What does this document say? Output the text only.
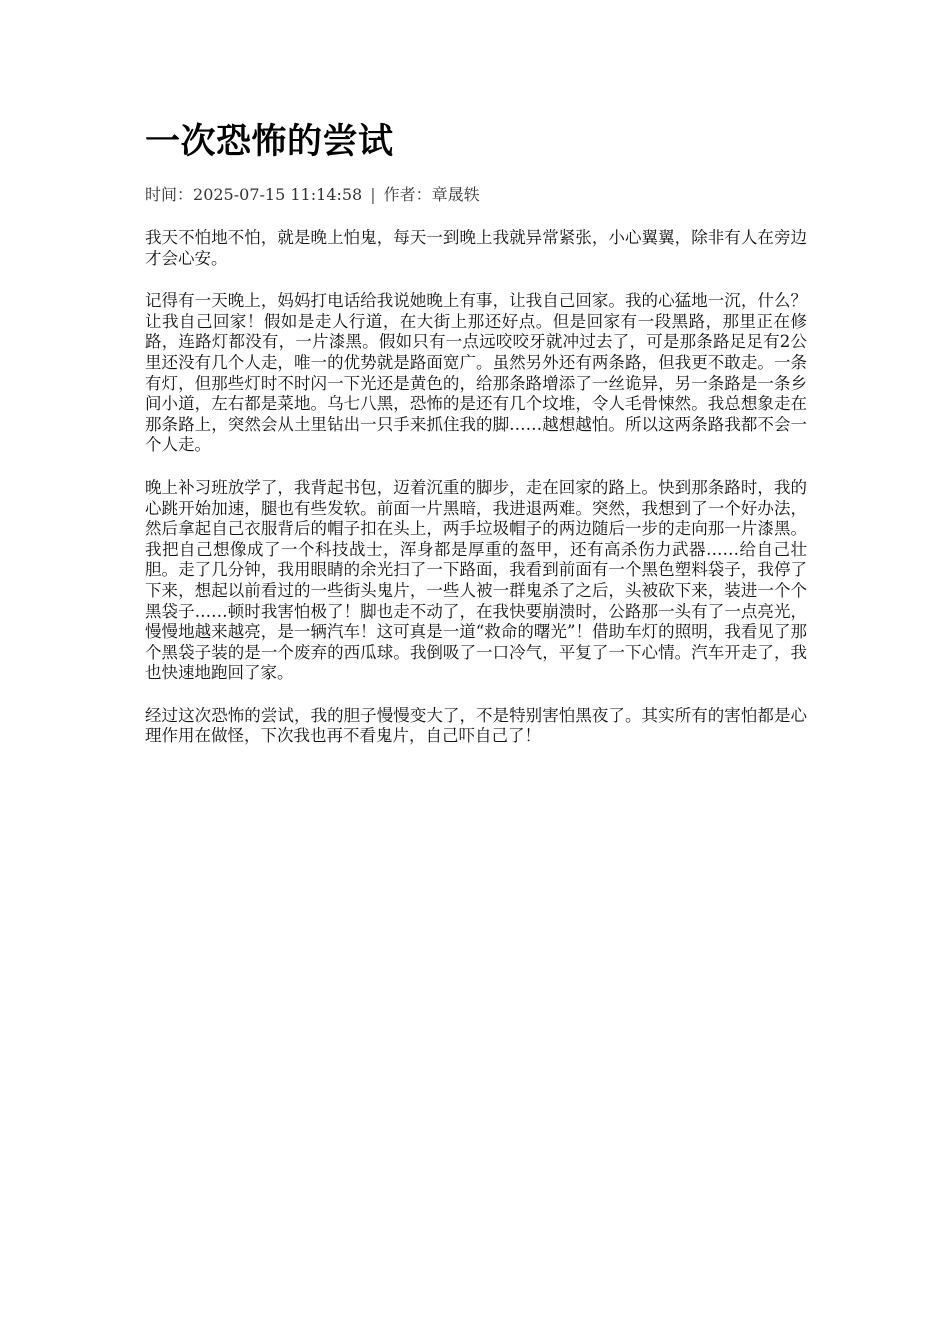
一次恐怖的尝试
时间：2025-07-15 11:14:58 | 作者：章晟轶

我天不怕地不怕，就是晚上怕鬼，每天一到晚上我就异常紧张，小心翼翼，除非有人在旁边才会心安。

记得有一天晚上，妈妈打电话给我说她晚上有事，让我自己回家。我的心猛地一沉，什么？让我自己回家！假如是走人行道，在大街上那还好点。但是回家有一段黑路，那里正在修路，连路灯都没有，一片漆黑。假如只有一点远咬咬牙就冲过去了，可是那条路足足有2公里还没有几个人走，唯一的优势就是路面宽广。虽然另外还有两条路，但我更不敢走。一条有灯，但那些灯时不时闪一下光还是黄色的，给那条路增添了一丝诡异，另一条路是一条乡间小道，左右都是菜地。乌七八黑，恐怖的是还有几个坟堆，令人毛骨悚然。我总想象走在那条路上，突然会从土里钻出一只手来抓住我的脚……越想越怕。所以这两条路我都不会一个人走。

晚上补习班放学了，我背起书包，迈着沉重的脚步，走在回家的路上。快到那条路时，我的心跳开始加速，腿也有些发软。前面一片黑暗，我进退两难。突然，我想到了一个好办法，然后拿起自己衣服背后的帽子扣在头上，两手垃圾帽子的两边随后一步的走向那一片漆黑。我把自己想像成了一个科技战士，浑身都是厚重的盔甲，还有高杀伤力武器……给自己壮胆。走了几分钟，我用眼睛的余光扫了一下路面，我看到前面有一个黑色塑料袋子，我停了下来，想起以前看过的一些街头鬼片，一些人被一群鬼杀了之后，头被砍下来，装进一个个黑袋子……顿时我害怕极了！脚也走不动了，在我快要崩溃时，公路那一头有了一点亮光，慢慢地越来越亮，是一辆汽车！这可真是一道“救命的曙光”！借助车灯的照明，我看见了那个黑袋子装的是一个废弃的西瓜球。我倒吸了一口冷气，平复了一下心情。汽车开走了，我也快速地跑回了家。

经过这次恐怖的尝试，我的胆子慢慢变大了，不是特别害怕黑夜了。其实所有的害怕都是心理作用在做怪，下次我也再不看鬼片，自己吓自己了！
